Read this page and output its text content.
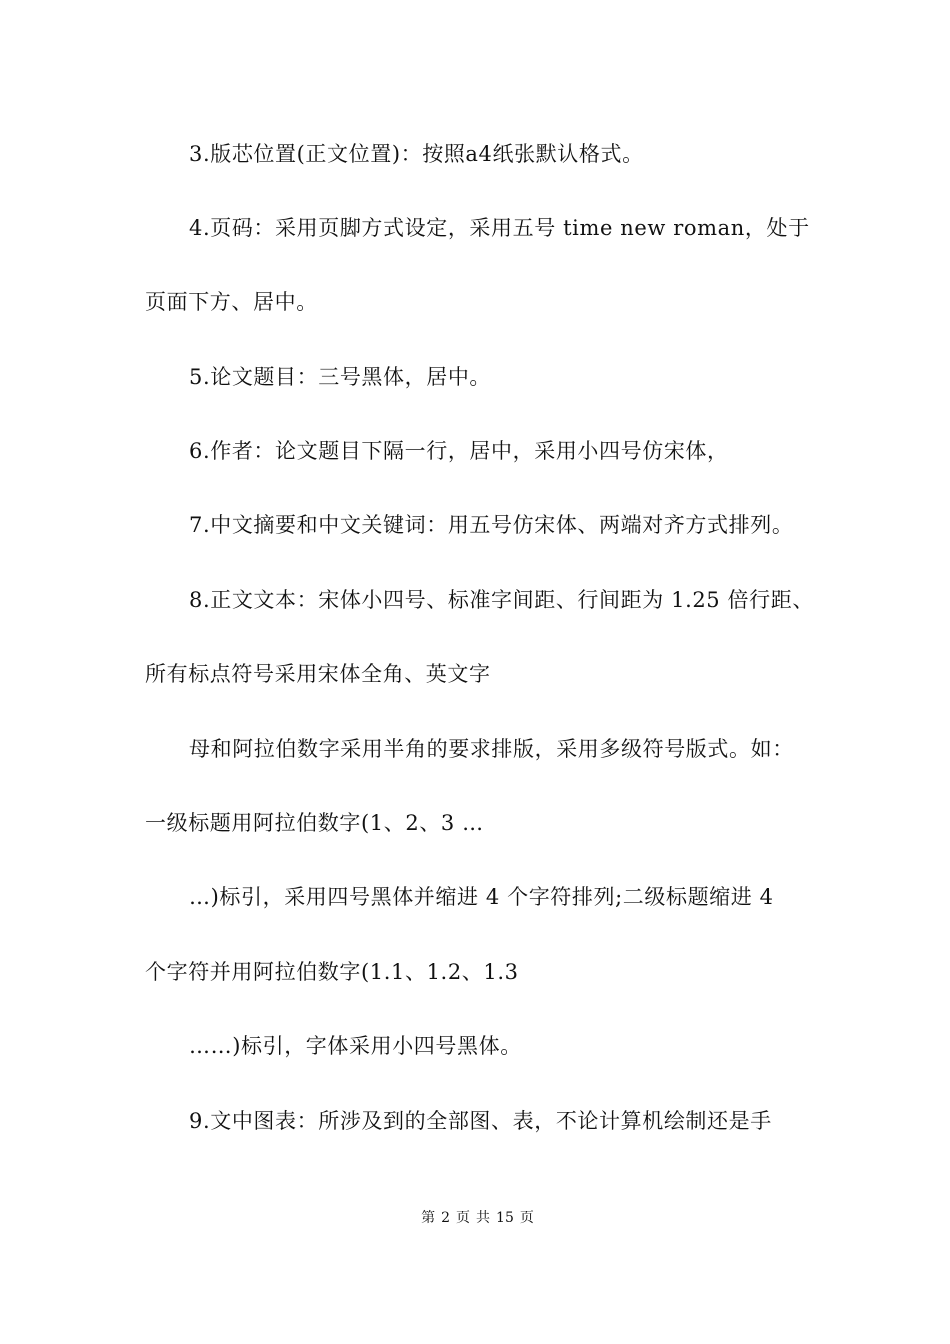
3.版芯位置(正文位置)：按照a4纸张默认格式。
4.页码：采用页脚方式设定，采用五号 time new roman，处于
页面下方、居中。
5.论文题目：三号黑体，居中。
6.作者：论文题目下隔一行，居中，采用小四号仿宋体，
7.中文摘要和中文关键词：用五号仿宋体、两端对齐方式排列。
8.正文文本：宋体小四号、标准字间距、行间距为 1.25 倍行距、
所有标点符号采用宋体全角、英文字
母和阿拉伯数字采用半角的要求排版，采用多级符号版式。如：
一级标题用阿拉伯数字(1、2、3 …
…)标引，采用四号黑体并缩进 4 个字符排列;二级标题缩进 4
个字符并用阿拉伯数字(1.1、1.2、1.3
……)标引，字体采用小四号黑体。
9.文中图表：所涉及到的全部图、表，不论计算机绘制还是手
第 2 页 共 15 页
